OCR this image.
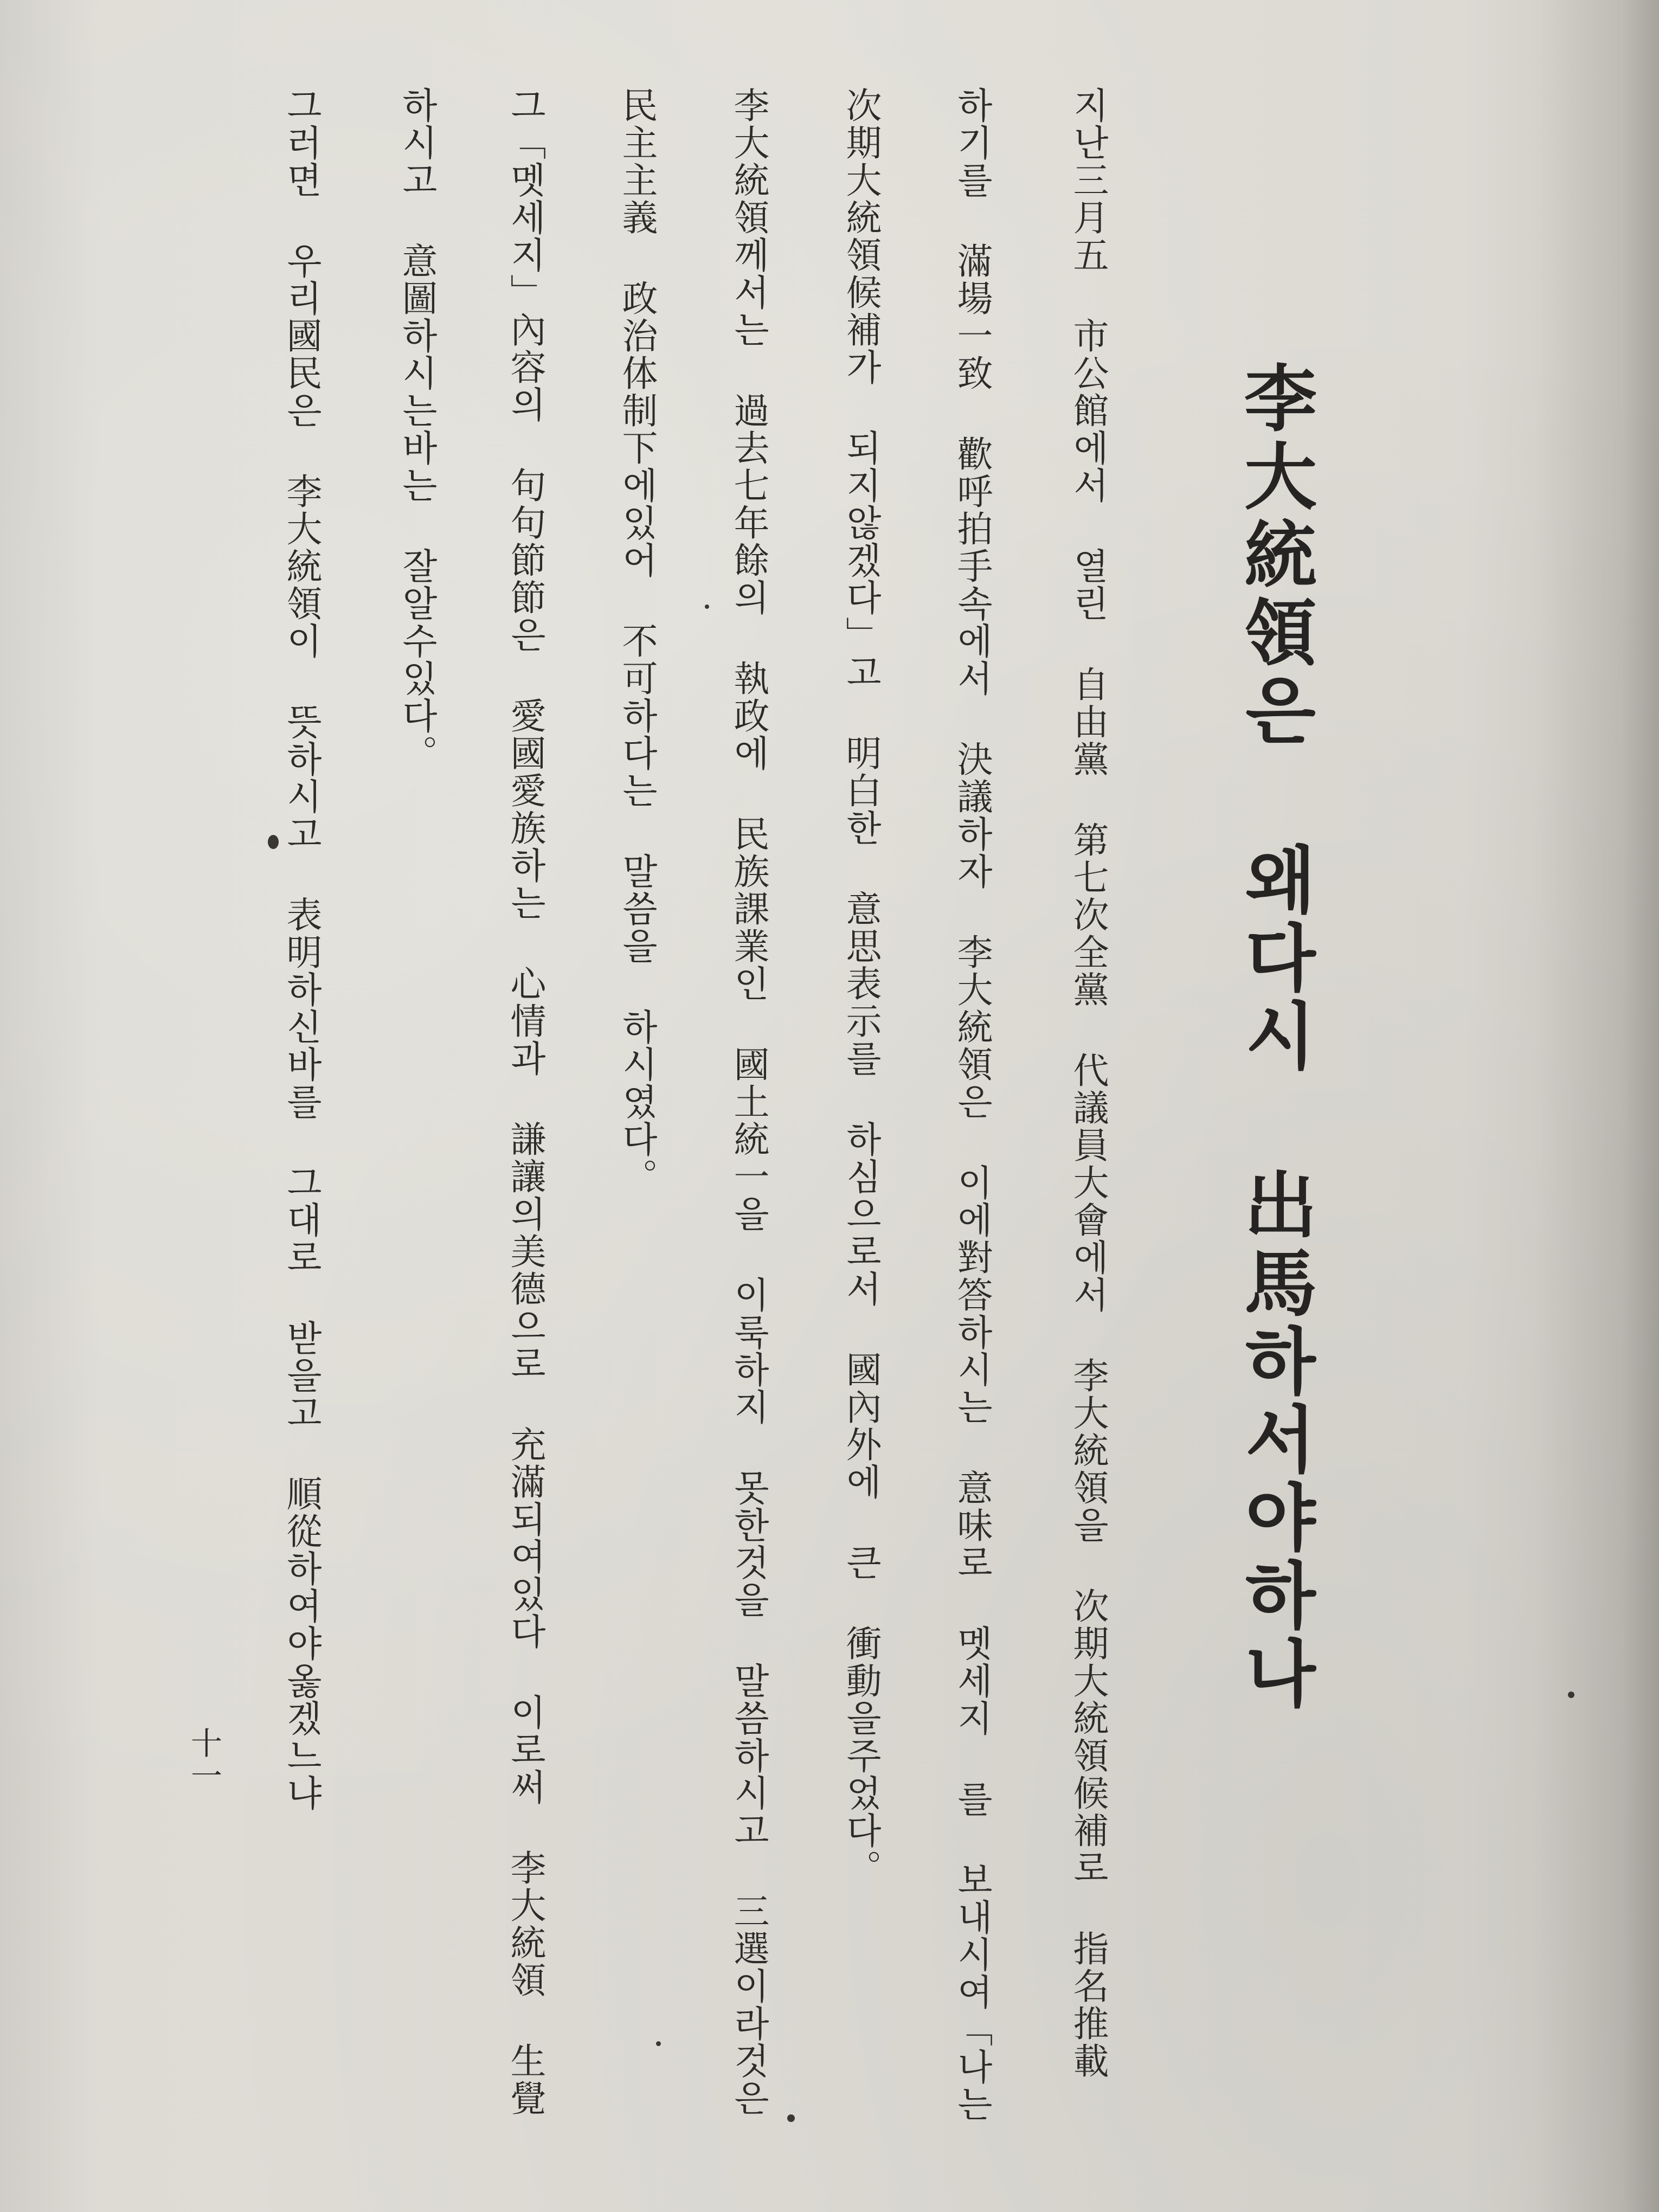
李大統領은 왜다시 出馬하서야하나
지난三月五 市公館에서 열린 自由黨 第七次全黨 代議員大會에서 李大統領을 次期大統領候補로 指名推載
하기를 滿場一致 歡呼拍手속에서 決議하자 李大統領은 이에對答하시는 意味로 멧세지 를 보내시여「나는
次期大統領候補가 되지않겠다」고 明白한 意思表示를 하심으로서 國內外에 큰 衝動을주었다。
李大統領께서는 過去七年餘의 執政에 民族課業인 國土統一을 이룩하지 못한것을 말씀하시고 三選이라것은
民主主義 政治体制下에있어 不可하다는 말씀을 하시였다。
그「멧세지」內容의 句句節節은 愛國愛族하는 心情과 謙讓의美德으로 充滿되여있다 이로써 李大統領 生覺
하시고 意圖하시는바는 잘알수있다。
그러면 우리國民은 李大統領이 뜻하시고 表明하신바를 그대로 받을고 順從하여야옳겠느냐
十一
